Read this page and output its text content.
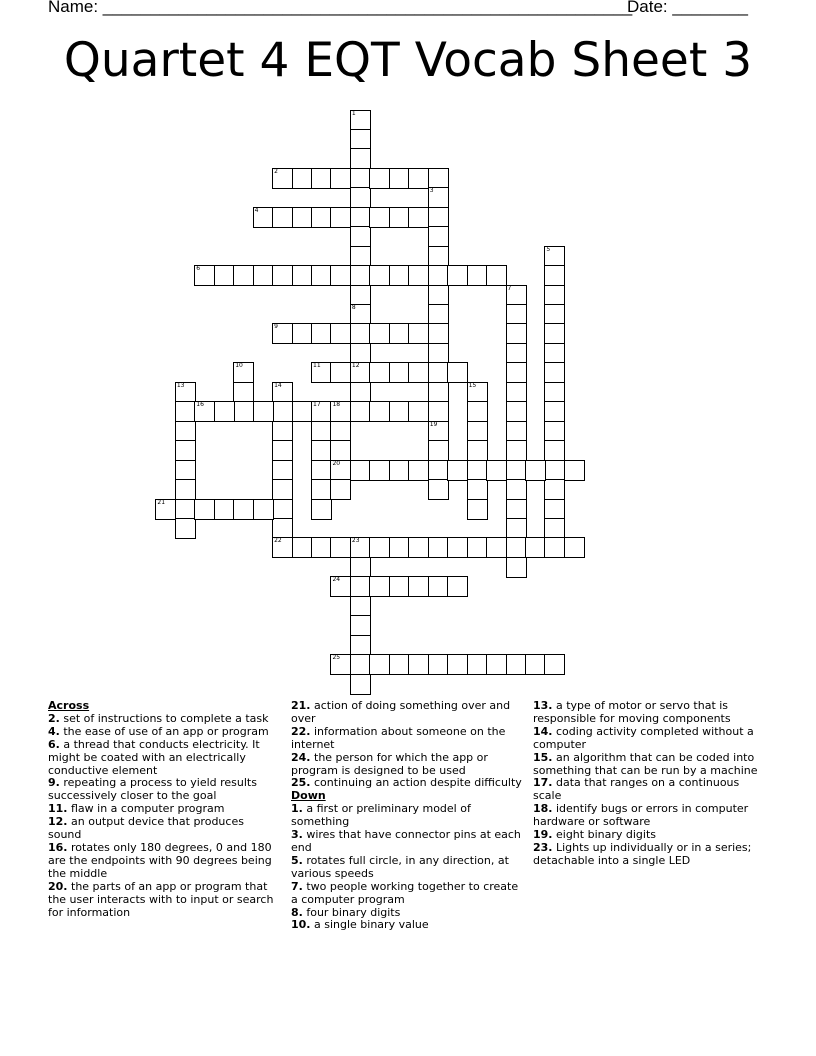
Name: ________________________________________________________
Date: ________
Quartet 4 EQT Vocab Sheet 3
1
2
3
19
4
5
6
7
8
12
9
10	11
13	14
22
15
16	17 18
20
21
23
24
25
Across
2. set of instructions to complete a task
4. the ease of use of an app or program
6. a thread that conducts electricity. It might be coated with an electrically conductive element
9. repeating a process to yield results successively closer to the goal
11. flaw in a computer program
12. an output device that produces sound
16. rotates only 180 degrees, 0 and 180 are the endpoints with 90 degrees being the middle
20. the parts of an app or program that the user interacts with to input or search for information
21. action of doing something over and over
22. information about someone on the internet
24. the person for which the app or program is designed to be used
25. continuing an action despite difficulty
Down
1. a first or preliminary model of something
3. wires that have connector pins at each end
5. rotates full circle, in any direction, at various speeds
7. two people working together to create a computer program
8. four binary digits
10. a single binary value
13. a type of motor or servo that is responsible for moving components
14. coding activity completed without a computer
15. an algorithm that can be coded into something that can be run by a machine
17. data that ranges on a continuous scale
18. identify bugs or errors in computer hardware or software
19. eight binary digits
23. Lights up individually or in a series; detachable into a single LED
